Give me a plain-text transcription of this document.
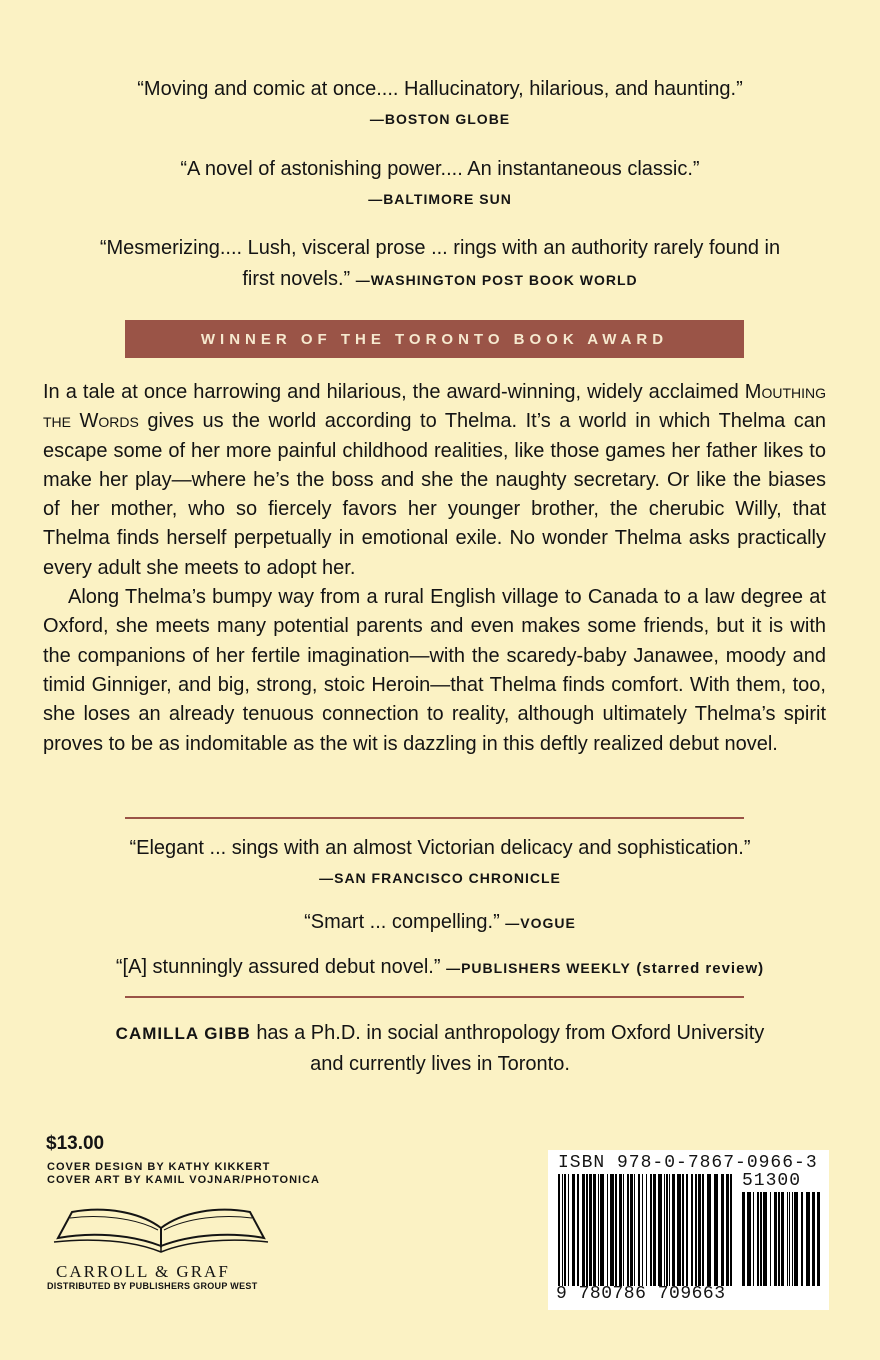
“Moving and comic at once.... Hallucinatory, hilarious, and haunting.”
—BOSTON GLOBE
“A novel of astonishing power.... An instantaneous classic.”
—BALTIMORE SUN
“Mesmerizing.... Lush, visceral prose ... rings with an authority rarely found in
first novels.” —WASHINGTON POST BOOK WORLD
WINNER OF THE TORONTO BOOK AWARD

In a tale at once harrowing and hilarious, the award-winning, widely acclaimed Mouthing the Words gives us the world according to Thelma. It’s a world in which Thelma can escape some of her more painful childhood realities, like those games her father likes to make her play—where he’s the boss and she the naughty secretary. Or like the biases of her mother, who so fiercely favors her younger brother, the cherubic Willy, that Thelma finds herself perpetually in emotional exile. No wonder Thelma asks practically every adult she meets to adopt her.

Along Thelma’s bumpy way from a rural English village to Canada to a law degree at Oxford, she meets many potential parents and even makes some friends, but it is with the companions of her fertile imagination—with the scaredy-baby Janawee, moody and timid Ginniger, and big, strong, stoic Heroin—that Thelma finds comfort. With them, too, she loses an already tenuous connection to reality, although ultimately Thelma’s spirit proves to be as indomitable as the wit is dazzling in this deftly realized debut novel.

“Elegant ... sings with an almost Victorian delicacy and sophistication.”
—SAN FRANCISCO CHRONICLE
“Smart ... compelling.” —VOGUE
“[A] stunningly assured debut novel.” —PUBLISHERS WEEKLY (starred review)
CAMILLA GIBB has a Ph.D. in social anthropology from Oxford University
and currently lives in Toronto.
$13.00
COVER DESIGN BY KATHY KIKKERT
COVER ART BY KAMIL VOJNAR/PHOTONICA
CARROLL & GRAF
DISTRIBUTED BY PUBLISHERS GROUP WEST
ISBN 978-0-7867-0966-3
51300
9 780786 709663
